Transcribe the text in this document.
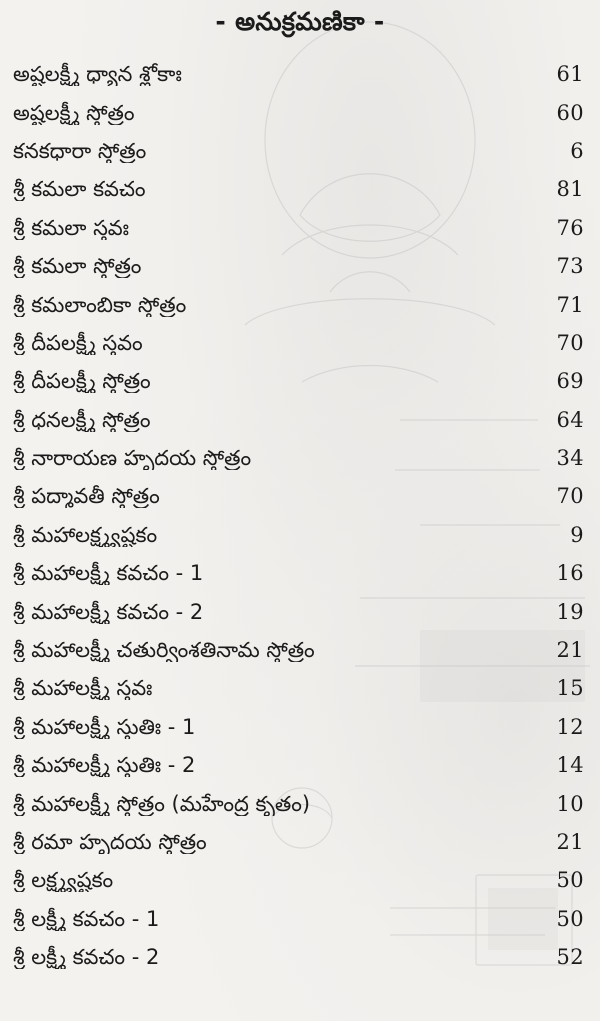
- అనుక్రమణికా -
అష్టలక్ష్మీ ధ్యాన శ్లోకాః	61
అష్టలక్ష్మీ స్తోత్రం	60
కనకధారా స్తోత్రం	6
శ్రీ కమలా కవచం	81
శ్రీ కమలా స్తవః	76
శ్రీ కమలా స్తోత్రం	73
శ్రీ కమలాంబికా స్తోత్రం	71
శ్రీ దీపలక్ష్మీ స్తవం	70
శ్రీ దీపలక్ష్మీ స్తోత్రం	69
శ్రీ ధనలక్ష్మీ స్తోత్రం	64
శ్రీ నారాయణ హృదయ స్తోత్రం	34
శ్రీ పద్మావతీ స్తోత్రం	70
శ్రీ మహాలక్ష్మ్యష్టకం	9
శ్రీ మహాలక్ష్మీ కవచం - 1	16
శ్రీ మహాలక్ష్మీ కవచం - 2	19
శ్రీ మహాలక్ష్మీ చతుర్వింశతినామ స్తోత్రం	21
శ్రీ మహాలక్ష్మీ స్తవః	15
శ్రీ మహాలక్ష్మీ స్తుతిః - 1	12
శ్రీ మహాలక్ష్మీ స్తుతిః - 2	14
శ్రీ మహాలక్ష్మీ స్తోత్రం (మహేంద్ర కృతం)	10
శ్రీ రమా హృదయ స్తోత్రం	21
శ్రీ లక్ష్మ్యష్టకం	50
శ్రీ లక్ష్మీ కవచం - 1	50
శ్రీ లక్ష్మీ కవచం - 2	52
